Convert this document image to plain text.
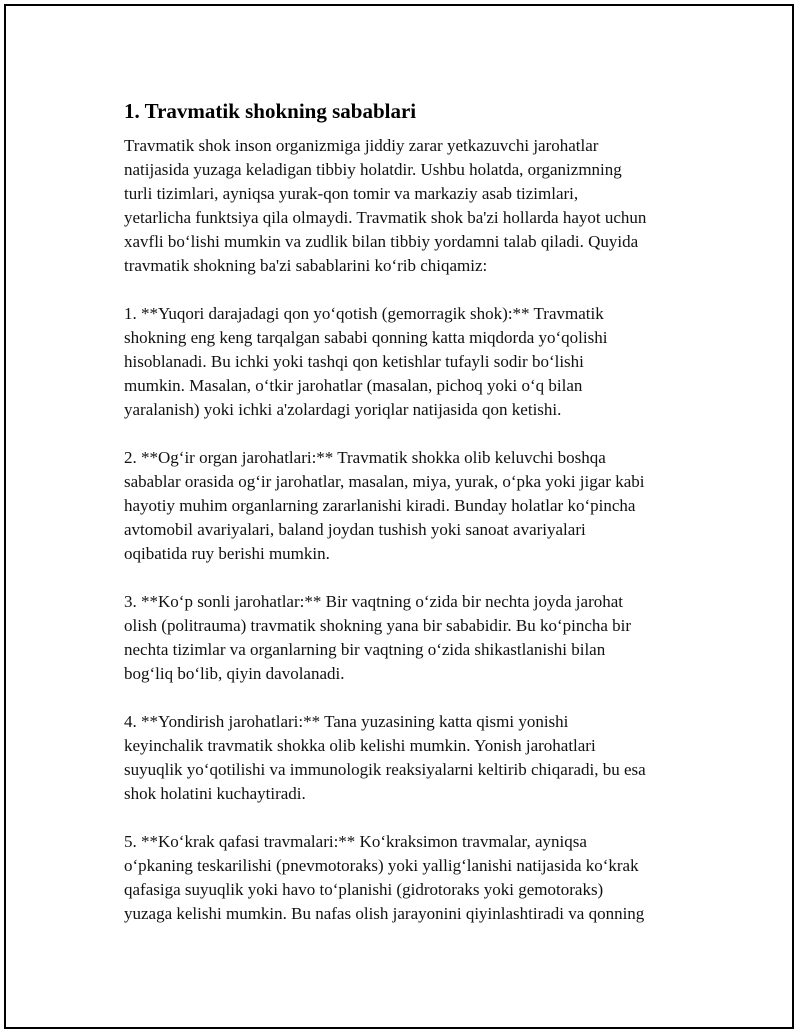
1. Travmatik shokning sabablari

Travmatik shok inson organizmiga jiddiy zarar yetkazuvchi jarohatlar
natijasida yuzaga keladigan tibbiy holatdir. Ushbu holatda, organizmning
turli tizimlari, ayniqsa yurak-qon tomir va markaziy asab tizimlari,
yetarlicha funktsiya qila olmaydi. Travmatik shok ba'zi hollarda hayot uchun
xavfli bo‘lishi mumkin va zudlik bilan tibbiy yordamni talab qiladi. Quyida
travmatik shokning ba'zi sabablarini ko‘rib chiqamiz:

1. **Yuqori darajadagi qon yo‘qotish (gemorragik shok):** Travmatik
shokning eng keng tarqalgan sababi qonning katta miqdorda yo‘qolishi
hisoblanadi. Bu ichki yoki tashqi qon ketishlar tufayli sodir bo‘lishi
mumkin. Masalan, o‘tkir jarohatlar (masalan, pichoq yoki o‘q bilan
yaralanish) yoki ichki a'zolardagi yoriqlar natijasida qon ketishi.

2. **Og‘ir organ jarohatlari:** Travmatik shokka olib keluvchi boshqa
sabablar orasida og‘ir jarohatlar, masalan, miya, yurak, o‘pka yoki jigar kabi
hayotiy muhim organlarning zararlanishi kiradi. Bunday holatlar ko‘pincha
avtomobil avariyalari, baland joydan tushish yoki sanoat avariyalari
oqibatida ruy berishi mumkin.

3. **Ko‘p sonli jarohatlar:** Bir vaqtning o‘zida bir nechta joyda jarohat
olish (politrauma) travmatik shokning yana bir sababidir. Bu ko‘pincha bir
nechta tizimlar va organlarning bir vaqtning o‘zida shikastlanishi bilan
bog‘liq bo‘lib, qiyin davolanadi.

4. **Yondirish jarohatlari:** Tana yuzasining katta qismi yonishi
keyinchalik travmatik shokka olib kelishi mumkin. Yonish jarohatlari
suyuqlik yo‘qotilishi va immunologik reaksiyalarni keltirib chiqaradi, bu esa
shok holatini kuchaytiradi.

5. **Ko‘krak qafasi travmalari:** Ko‘kraksimon travmalar, ayniqsa
o‘pkaning teskarilishi (pnevmotoraks) yoki yallig‘lanishi natijasida ko‘krak
qafasiga suyuqlik yoki havo to‘planishi (gidrotoraks yoki gemotoraks)
yuzaga kelishi mumkin. Bu nafas olish jarayonini qiyinlashtiradi va qonning
